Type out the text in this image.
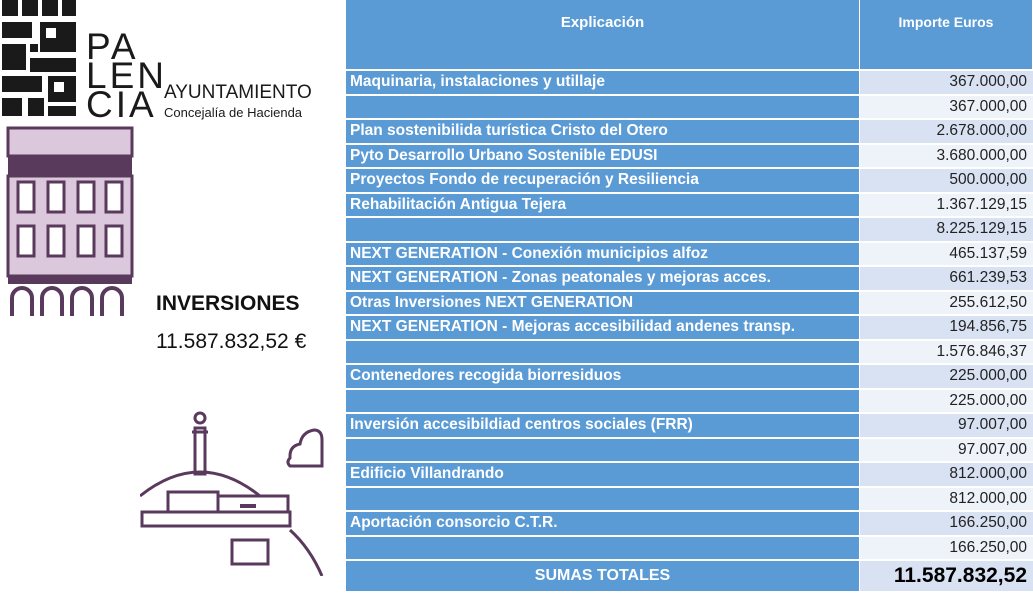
PA
LEN
CIA AYUNTAMIENTO
Concejalía de Hacienda
INVERSIONES
11.587.832,52 €
Explicación	Importe Euros
Maquinaria, instalaciones y utillaje	367.000,00
	367.000,00
Plan sostenibilida turística Cristo del Otero	2.678.000,00
Pyto Desarrollo Urbano Sostenible EDUSI	3.680.000,00
Proyectos Fondo de recuperación y Resiliencia	500.000,00
Rehabilitación Antigua Tejera	1.367.129,15
	8.225.129,15
NEXT GENERATION - Conexión municipios alfoz	465.137,59
NEXT GENERATION - Zonas peatonales y mejoras acces.	661.239,53
Otras Inversiones NEXT GENERATION	255.612,50
NEXT GENERATION - Mejoras accesibilidad andenes transp.	194.856,75
	1.576.846,37
Contenedores recogida biorresiduos	225.000,00
	225.000,00
Inversión accesibildiad centros sociales (FRR)	97.007,00
	97.007,00
Edificio Villandrando	812.000,00
	812.000,00
Aportación consorcio C.T.R.	166.250,00
	166.250,00
SUMAS TOTALES	11.587.832,52
